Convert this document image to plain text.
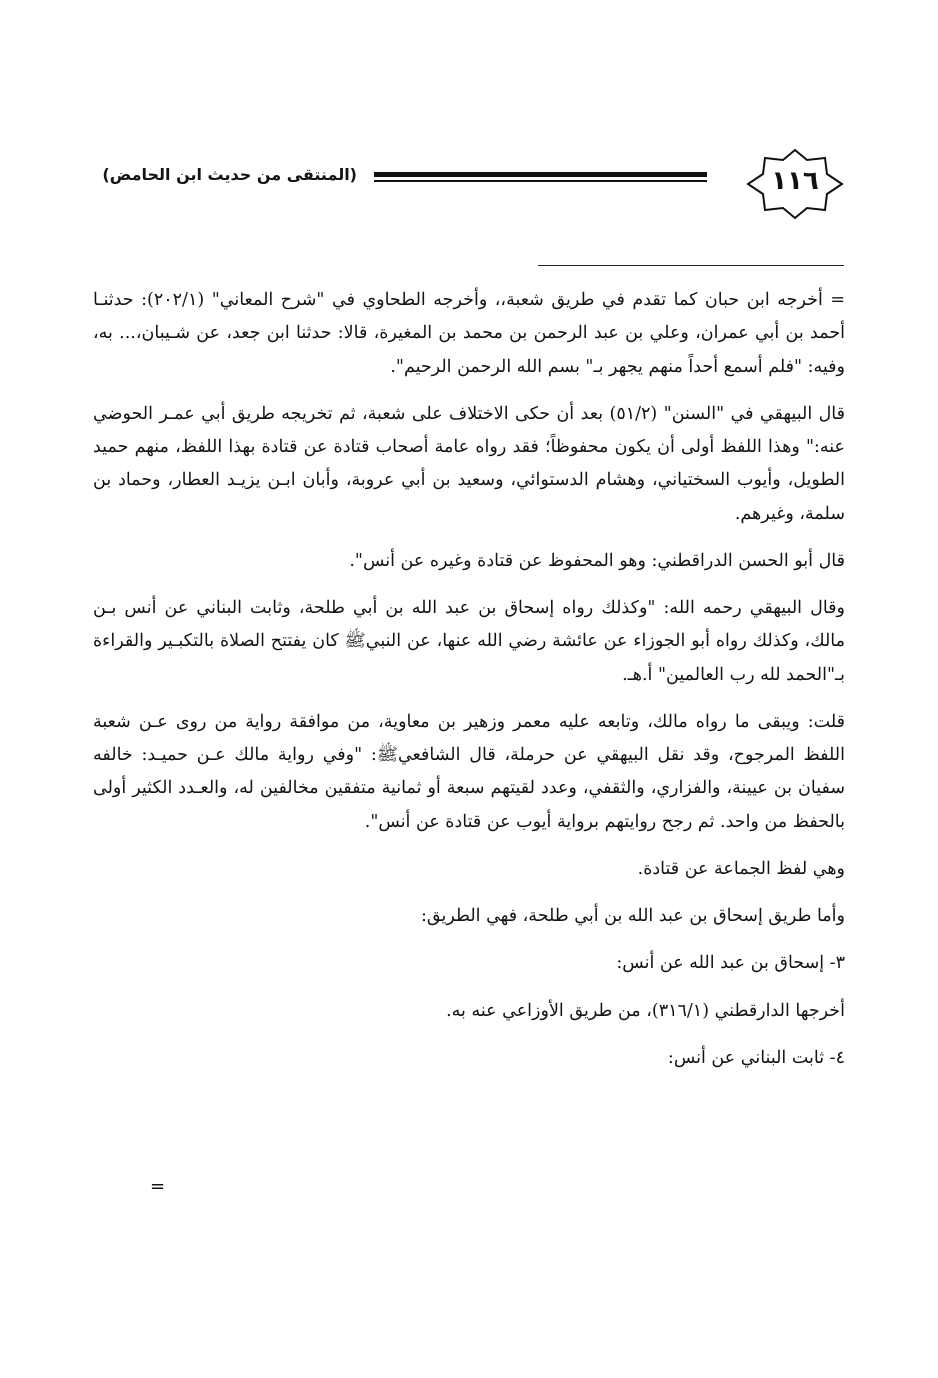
١١٦
(المنتقى من حديث ابن الحامض)

= أخرجه ابن حبان كما تقدم في طريق شعبة،، وأخرجه الطحاوي في "شرح المعاني" (٢٠٢/١): حدثنـا أحمد بن أبي عمران، وعلي بن عبد الرحمن بن محمد بن المغيرة، قالا: حدثنا ابن جعد، عن شـيبان،... به، وفيه: "فلم أسمع أحداً منهم يجهر بـ" بسم الله الرحمن الرحيم".

قال البيهقي في "السنن" (٥١/٢) بعد أن حكى الاختلاف على شعبة، ثم تخريجه طريق أبي عمـر الحوضي عنه:" وهذا اللفظ أولى أن يكون محفوظاً؛ فقد رواه عامة أصحاب قتادة عن قتادة بهذا اللفظ، منهم حميد الطويل، وأيوب السختياني، وهشام الدستوائي، وسعيد بن أبي عروبة، وأبان ابـن يزيـد العطار، وحماد بن سلمة، وغيرهم.

قال أبو الحسن الدراقطني: وهو المحفوظ عن قتادة وغيره عن أنس".

وقال البيهقي رحمه الله: "وكذلك رواه إسحاق بن عبد الله بن أبي طلحة، وثابت البناني عن أنس بـن مالك، وكذلك رواه أبو الجوزاء عن عائشة رضي الله عنها، عن النبيﷺ كان يفتتح الصلاة بالتكبـير والقراءة بـ"الحمد لله رب العالمين" أ.هـ.

قلت: ويبقى ما رواه مالك، وتابعه عليه معمر وزهير بن معاوية، من موافقة رواية من روى عـن شعبة اللفظ المرجوح، وقد نقل البيهقي عن حرملة، قال الشافعيﷺ: "وفي رواية مالك عـن حميـد: خالفه سفيان بن عيينة، والفزاري، والثقفي، وعدد لقيتهم سبعة أو ثمانية متفقين مخالفين له، والعـدد الكثير أولى بالحفظ من واحد. ثم رجح روايتهم برواية أيوب عن قتادة عن أنس".

وهي لفظ الجماعة عن قتادة.

وأما طريق إسحاق بن عبد الله بن أبي طلحة، فهي الطريق:

٣- إسحاق بن عبد الله عن أنس:

أخرجها الدارقطني (٣١٦/١)، من طريق الأوزاعي عنه به.

٤- ثابت البناني عن أنس:

=
